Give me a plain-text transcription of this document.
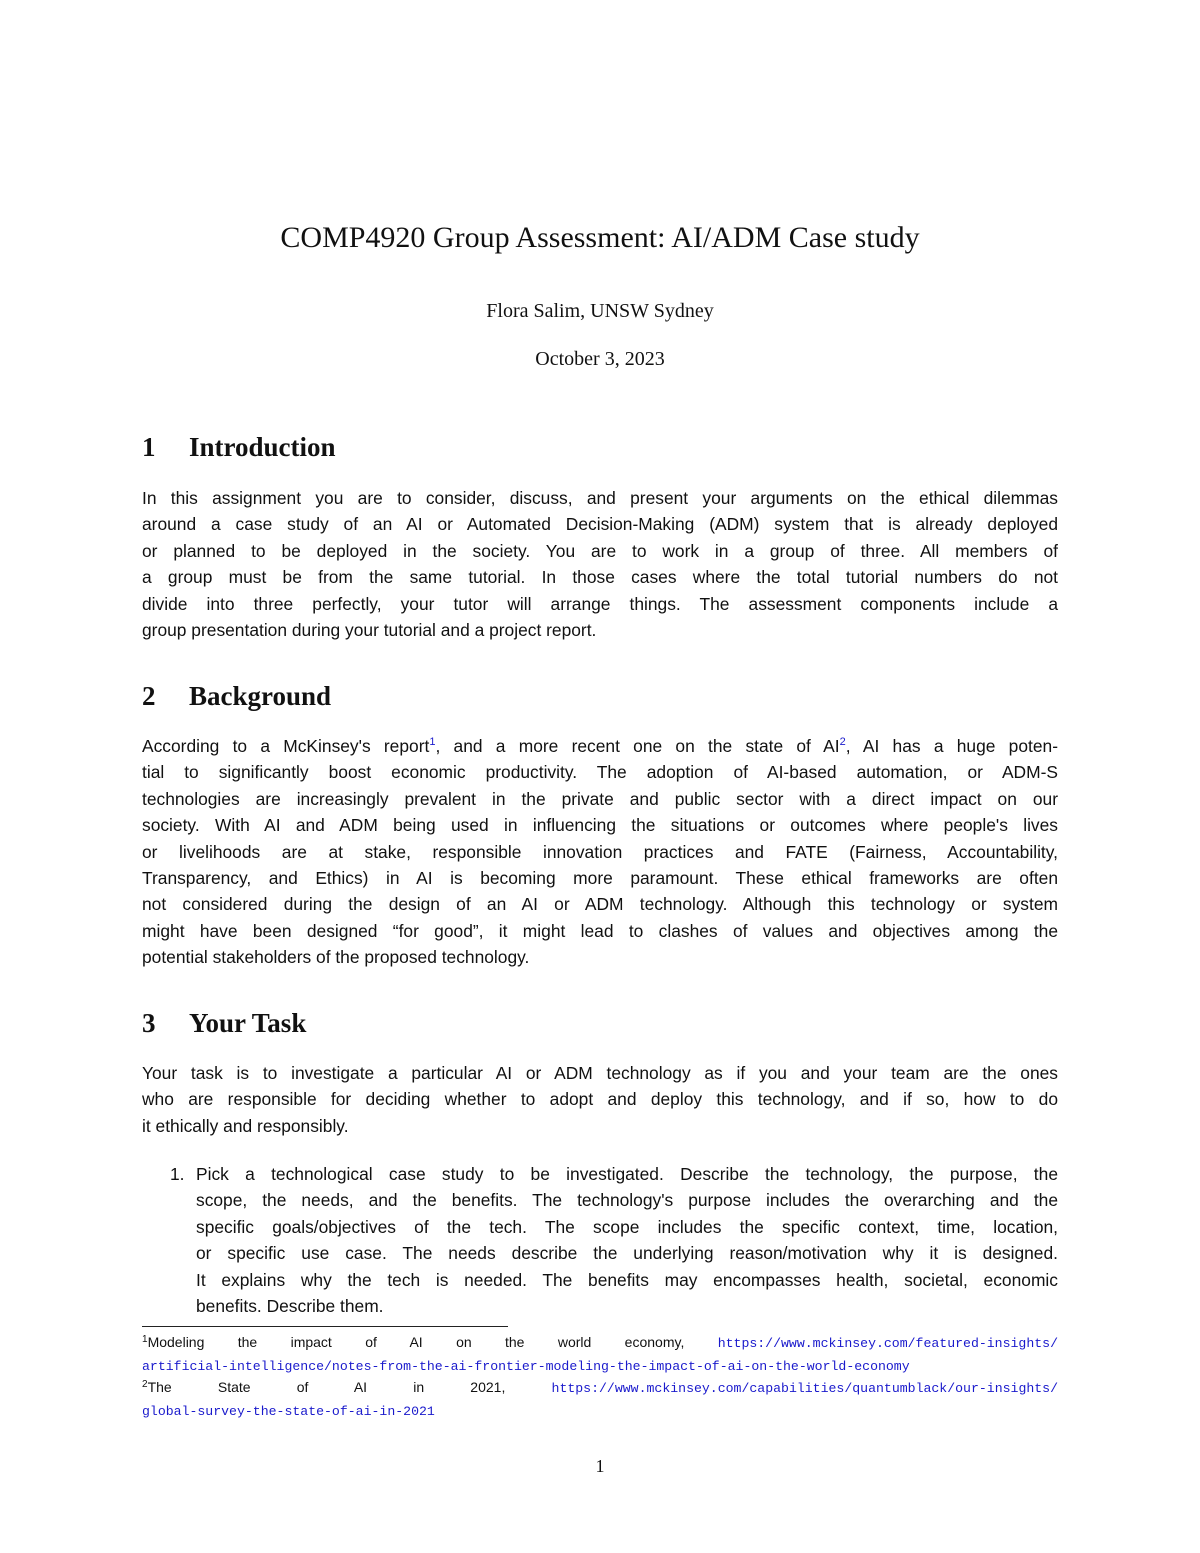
COMP4920 Group Assessment: AI/ADM Case study
Flora Salim, UNSW Sydney
October 3, 2023
1 Introduction
In this assignment you are to consider, discuss, and present your arguments on the ethical dilemmas
around a case study of an AI or Automated Decision-Making (ADM) system that is already deployed
or planned to be deployed in the society. You are to work in a group of three. All members of
a group must be from the same tutorial. In those cases where the total tutorial numbers do not
divide into three perfectly, your tutor will arrange things. The assessment components include a
group presentation during your tutorial and a project report.
2 Background
According to a McKinsey's report$^1$, and a more recent one on the state of $AI^2$, AI has a huge poten-
tial to significantly boost economic productivity. The adoption of AI-based automation, or ADM-S
technologies are increasingly prevalent in the private and public sector with a direct impact on our
society. With AI and ADM being used in influencing the situations or outcomes where people's lives
or livelihoods are at stake, responsible innovation practices and FATE (Fairness, Accountability,
Transparency, and Ethics) in AI is becoming more paramount. These ethical frameworks are often
not considered during the design of an AI or ADM technology. Although this technology or system
might have been designed “for good”, it might lead to clashes of values and objectives among the
potential stakeholders of the proposed technology.
3 Your Task
Your task is to investigate a particular AI or ADM technology as if you and your team are the ones
who are responsible for deciding whether to adopt and deploy this technology, and if so, how to do
it ethically and responsibly.
1. Pick a technological case study to be investigated. Describe the technology, the purpose, the
scope, the needs, and the benefits. The technology's purpose includes the overarching and the
specific goals/objectives of the tech. The scope includes the specific context, time, location,
or specific use case. The needs describe the underlying reason/motivation why it is designed.
It explains why the tech is needed. The benefits may encompasses health, societal, economic
benefits. Describe them.
$^1$Modeling the impact of AI on the world economy,	https://www.mckinsey.com/featured-insights/
artificial-intelligence/notes-from-the-ai-frontier-modeling-the-impact-of-ai-on-the-world-economy
$^2$The State of AI in 2021,	https://www.mckinsey.com/capabilities/quantumblack/our-insights/
global-survey-the-state-of-ai-in-2021
1
